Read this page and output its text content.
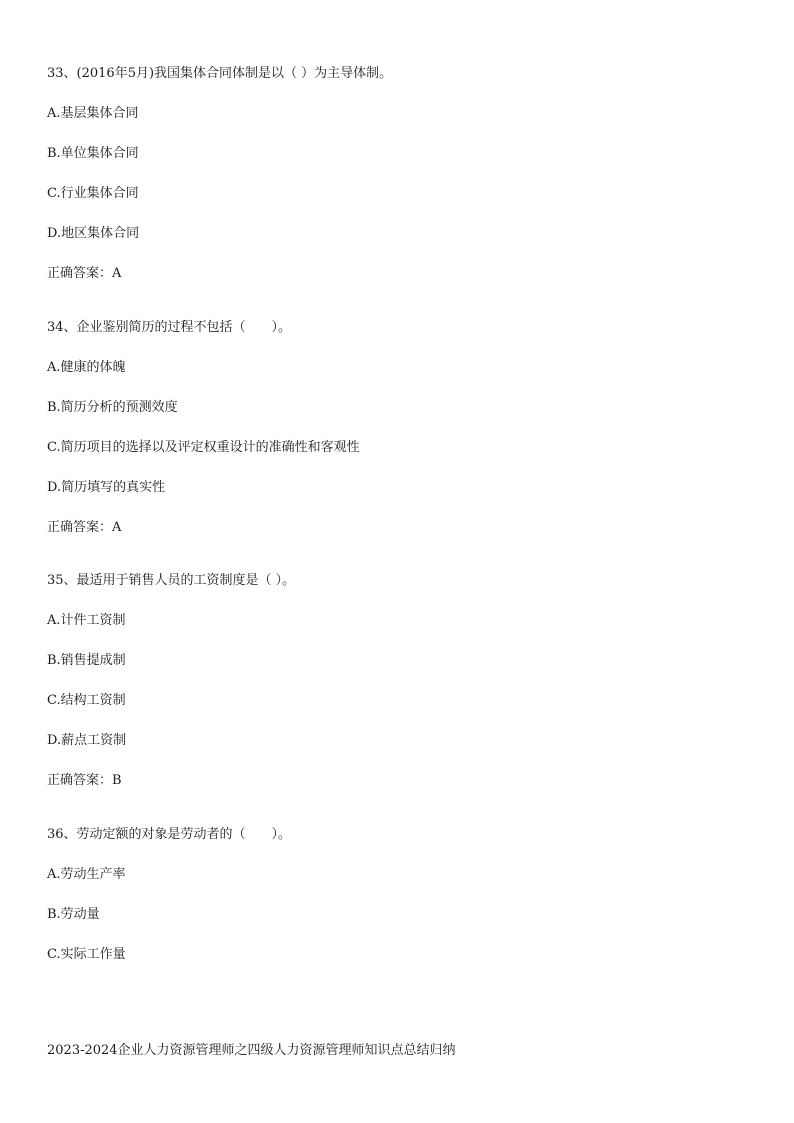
33、(2016年5月)我国集体合同体制是以（ ）为主导体制。

A.基层集体合同

B.单位集体合同

C.行业集体合同

D.地区集体合同

正确答案：A

34、企业鉴别简历的过程不包括（　　）。

A.健康的体魄

B.简历分析的预测效度

C.简历项目的选择以及评定权重设计的准确性和客观性

D.简历填写的真实性

正确答案：A

35、最适用于销售人员的工资制度是（ ）。

A.计件工资制

B.销售提成制

C.结构工资制

D.薪点工资制

正确答案：B

36、劳动定额的对象是劳动者的（　　）。

A.劳动生产率

B.劳动量

C.实际工作量

2023-2024企业人力资源管理师之四级人力资源管理师知识点总结归纳
